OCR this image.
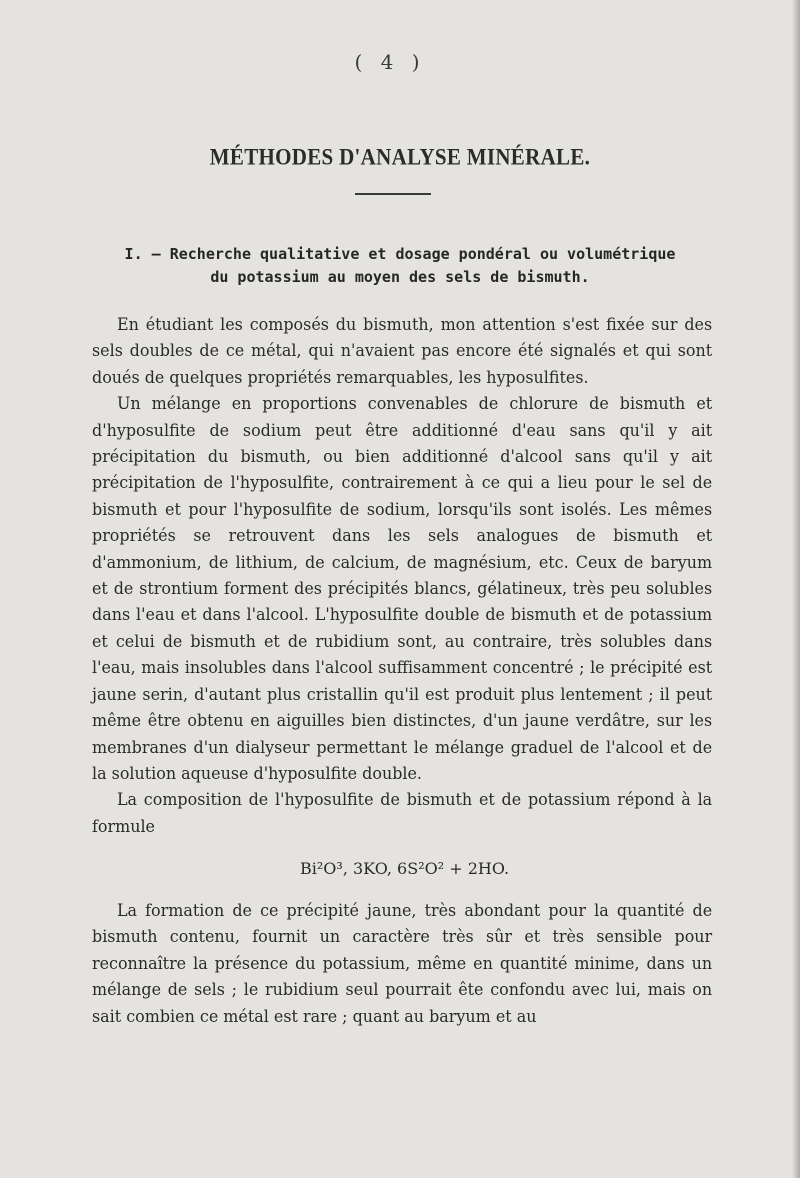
( 4 )
MÉTHODES D'ANALYSE MINÉRALE.
I. — Recherche qualitative et dosage pondéral ou volumétrique
du potassium au moyen des sels de bismuth.

En étudiant les composés du bismuth, mon attention s'est fixée sur des sels doubles de ce métal, qui n'avaient pas encore été signalés et qui sont doués de quelques propriétés remarquables, les hyposulfites.

Un mélange en proportions convenables de chlorure de bismuth et d'hyposulfite de sodium peut être additionné d'eau sans qu'il y ait précipitation du bismuth, ou bien additionné d'alcool sans qu'il y ait précipitation de l'hyposulfite, contrairement à ce qui a lieu pour le sel de bismuth et pour l'hyposulfite de sodium, lorsqu'ils sont isolés. Les mêmes propriétés se retrouvent dans les sels analogues de bismuth et d'ammonium, de lithium, de calcium, de magnésium, etc. Ceux de baryum et de strontium forment des précipités blancs, gélatineux, très peu solubles dans l'eau et dans l'alcool. L'hyposulfite double de bismuth et de potassium et celui de bismuth et de rubidium sont, au contraire, très solubles dans l'eau, mais insolubles dans l'alcool suffisamment concentré ; le précipité est jaune serin, d'autant plus cristallin qu'il est produit plus lentement ; il peut même être obtenu en aiguilles bien distinctes, d'un jaune verdâtre, sur les membranes d'un dialyseur permettant le mélange graduel de l'alcool et de la solution aqueuse d'hyposulfite double.

La composition de l'hyposulfite de bismuth et de potassium répond à la formule

Bi²O³, 3KO, 6S²O² + 2HO.

La formation de ce précipité jaune, très abondant pour la quantité de bismuth contenu, fournit un caractère très sûr et très sensible pour reconnaître la présence du potassium, même en quantité minime, dans un mélange de sels ; le rubidium seul pourrait ête confondu avec lui, mais on sait combien ce métal est rare ; quant au baryum et au
